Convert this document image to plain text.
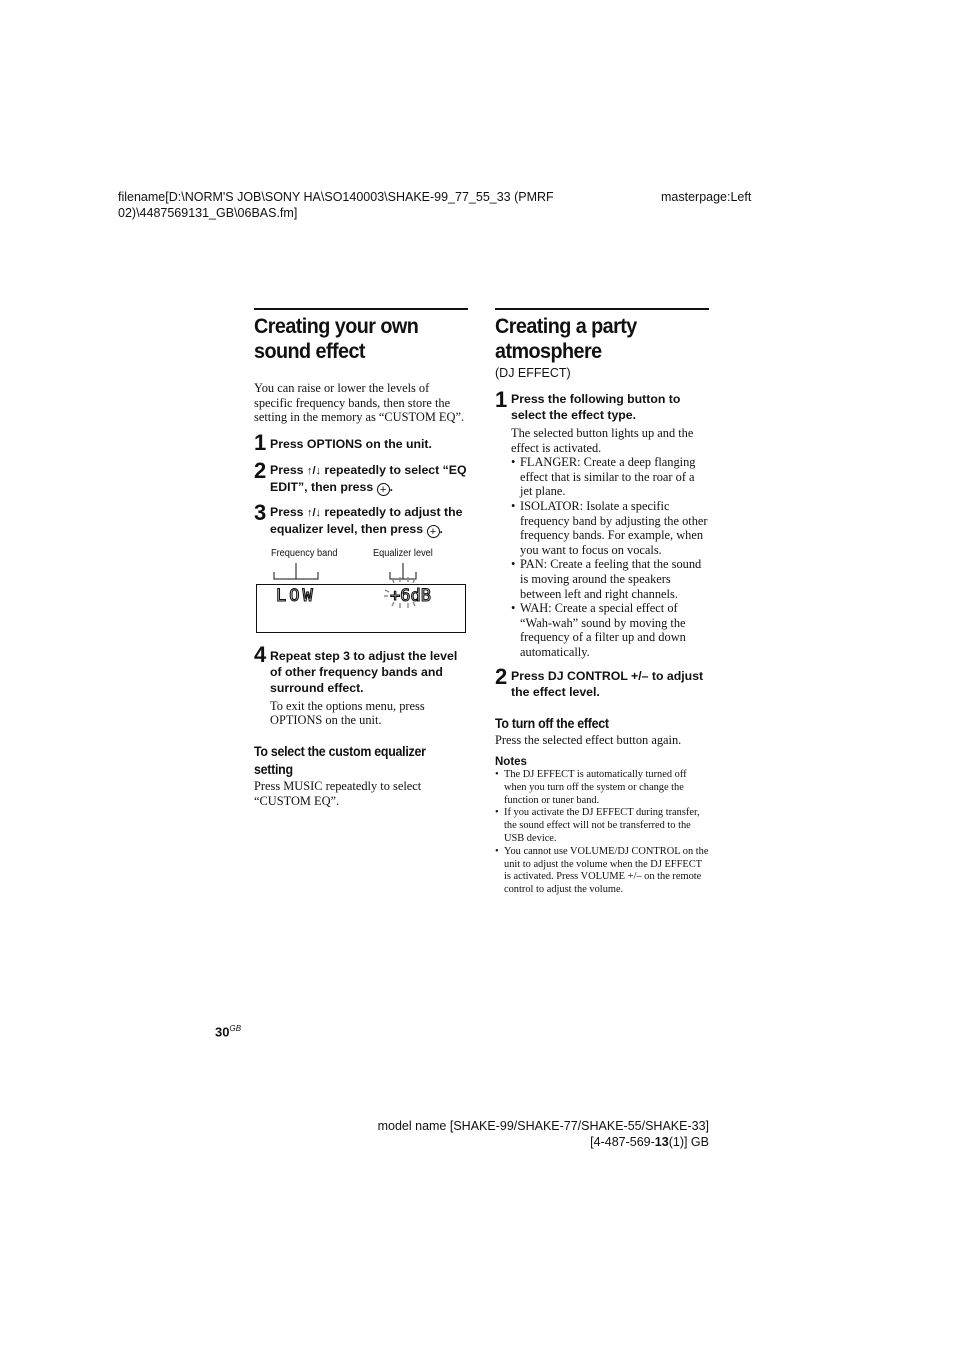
filename[D:\NORM'S JOB\SONY HA\SO140003\SHAKE-99_77_55_33 (PMRF
02)\4487569131_GB\06BAS.fm]
masterpage:Left
Creating your own sound effect

You can raise or lower the levels of specific frequency bands, then store the setting in the memory as “CUSTOM EQ”.

1 Press OPTIONS on the unit.
2 Press ↑/↓ repeatedly to select “EQ EDIT”, then press + .
3 Press ↑/↓ repeatedly to adjust the equalizer level, then press + .
Frequency band	Equalizer level
LOW	+6dB
4 Repeat step 3 to adjust the level of other frequency bands and surround effect.

To exit the options menu, press OPTIONS on the unit.

To select the custom equalizer setting

Press MUSIC repeatedly to select “CUSTOM EQ”.

Creating a party atmosphere

(DJ EFFECT)

1 Press the following button to select the effect type.

The selected button lights up and the effect is activated.

• FLANGER: Create a deep flanging effect that is similar to the roar of a jet plane.
• ISOLATOR: Isolate a specific frequency band by adjusting the other frequency bands. For example, when you want to focus on vocals.
• PAN: Create a feeling that the sound is moving around the speakers between left and right channels.
• WAH: Create a special effect of “Wah-wah” sound by moving the frequency of a filter up and down automatically.
2 Press DJ CONTROL +/– to adjust the effect level.
To turn off the effect

Press the selected effect button again.

Notes

• The DJ EFFECT is automatically turned off when you turn off the system or change the function or tuner band.
• If you activate the DJ EFFECT during transfer, the sound effect will not be transferred to the USB device.
• You cannot use VOLUME/DJ CONTROL on the unit to adjust the volume when the DJ EFFECT is activated. Press VOLUME +/– on the remote control to adjust the volume.
$30^{GB}$
model name [SHAKE-99/SHAKE-77/SHAKE-55/SHAKE-33]
[4-487-569-13(1)] GB
